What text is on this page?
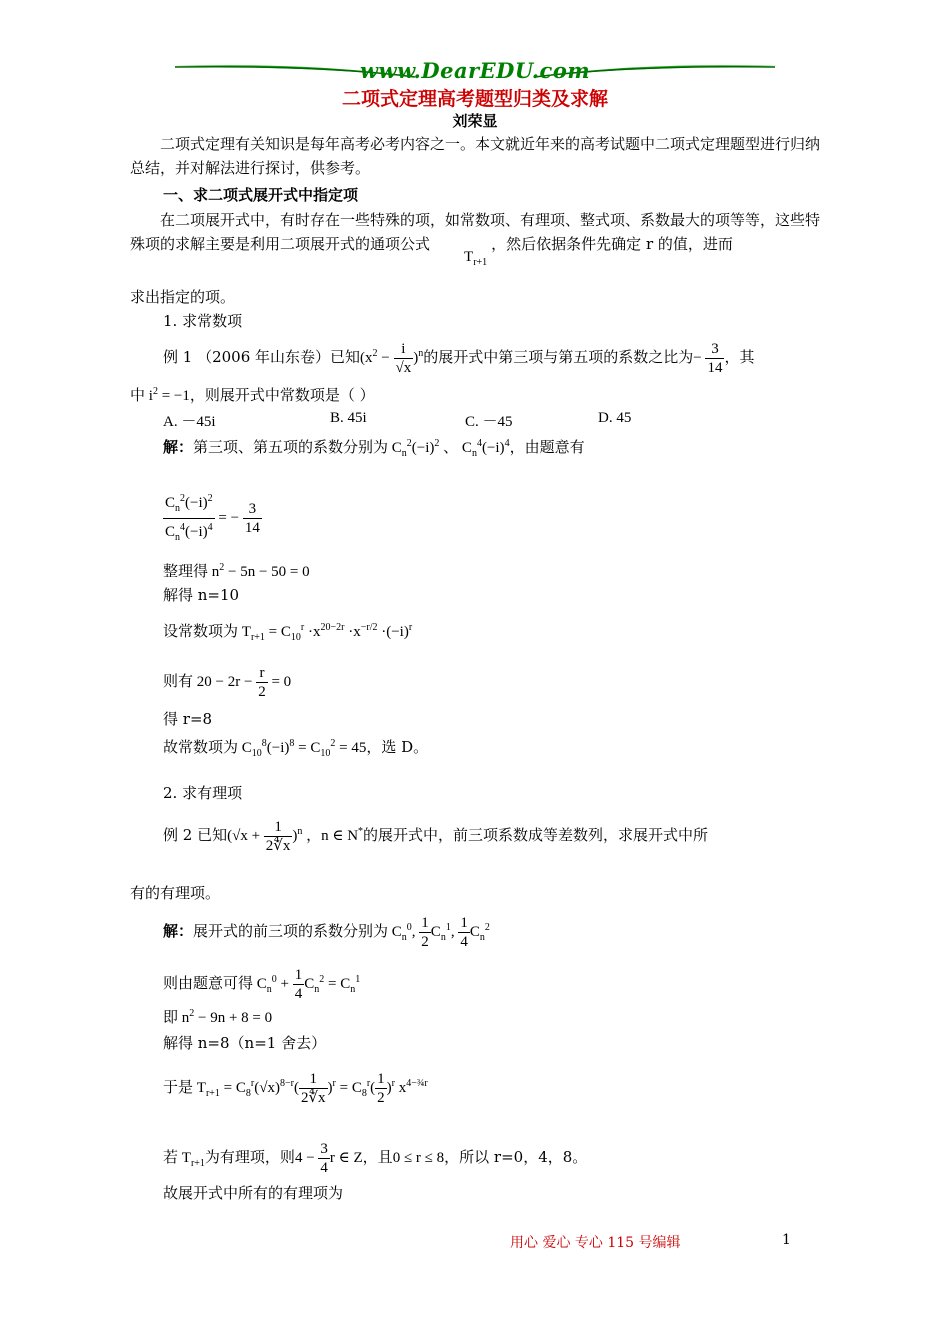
www.DearEDU.com
二项式定理高考题型归类及求解
刘荣显
二项式定理有关知识是每年高考必考内容之一。本文就近年来的高考试题中二项式定理题型进行归纳总结，并对解法进行探讨，供参考。
一、求二项式展开式中指定项
在二项展开式中，有时存在一些特殊的项，如常数项、有理项、整式项、系数最大的项等等，这些特殊项的求解主要是利用二项展开式的通项公式$T_{r+1}$，然后依据条件先确定 r 的值，进而
求出指定的项。
1. 求常数项
例 1 （2006 年山东卷）已知$(x^2 - \frac{i}{√x} )^n$的展开式中第三项与第五项的系数之比为− $\frac{3}{14}$ ，其
中 $i^2 = -1$，则展开式中常数项是（ ）
A. －45i	B. 45i	C. －45	D. 45
解：第三项、第五项的系数分别为 $C_n^2(-i)^2$ 、 $C_n^4(-i)^4$，由题意有
$\frac{C_n^2(-i)^2}{C_n^4(-i)^4}$ = − $\frac{3}{14}$
整理得 $n^2 - 5n - 50 = 0$
解得 n=10
设常数项为 $T_{r+1} = C_{10}^r \cdot x^{20-2r} \cdot x^{-r/2} \cdot(-i)^r$
则有 $20 - 2r - \frac{r}{2} = 0$
得 r=8
故常数项为 $C_{10}^8(-i)^8 = C_{10}^2 = 45$，选 D。
2. 求有理项
例 2 已知$(√x + \frac{1}{2∜x} )^n$ ，n ∈ N*的展开式中，前三项系数成等差数列，求展开式中所
有的有理项。
解：展开式的前三项的系数分别为 $C_n^0$, $\frac{1}{2} C_n^1$, $\frac{1}{4} C_n^2$
则由题意可得 $C_n^0 + \frac{1}{4} C_n^2 = C_n^1$
即 $n^2 - 9n + 8 = 0$
解得 n=8（n=1 舍去）
于是 $T_{r+1} = C_8^r(√x)^{8-r}( \frac{1}{2∜x} )^r = C_8^r( \frac{1}{2} )^r$ $x^{4-\frac{3}{4}r}$
若 $T_{r+1}$为有理项，则$4 - \frac{3}{4}$ r ∈ Z，且0 ≤ r ≤ 8，所以 r=0，4，8。
故展开式中所有的有理项为
用心 爱心 专心 115 号编辑	1
